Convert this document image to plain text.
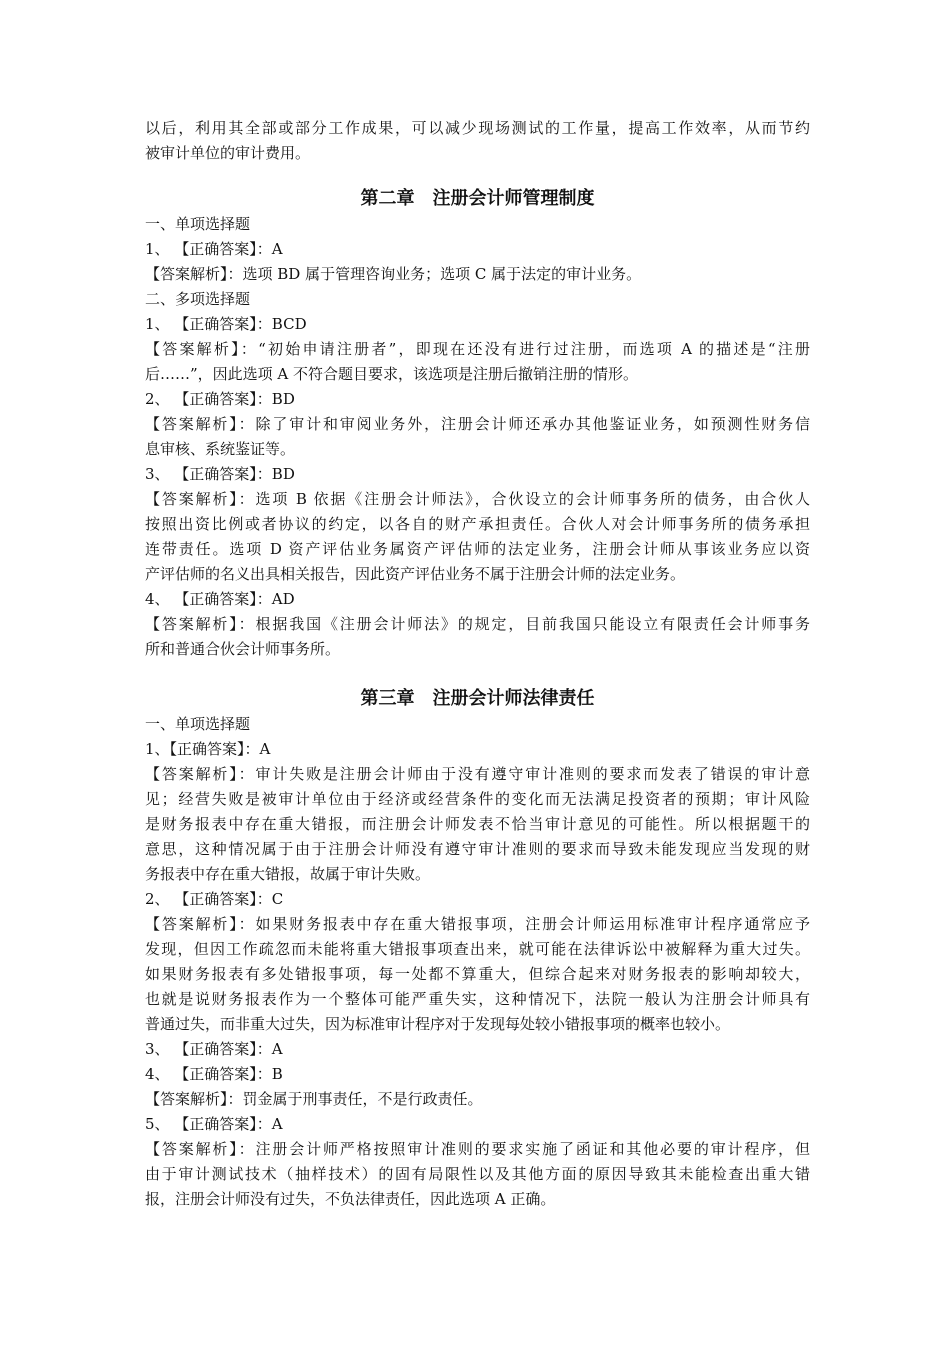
以后，利用其全部或部分工作成果，可以减少现场测试的工作量，提高工作效率，从而节约
被审计单位的审计费用。
第二章　注册会计师管理制度
一、单项选择题
1、 【正确答案】：A
【答案解析】：选项 BD 属于管理咨询业务；选项 C 属于法定的审计业务。
二、多项选择题
1、 【正确答案】：BCD
【答案解析】：“初始申请注册者”，即现在还没有进行过注册，而选项 A 的描述是“注册
后……”，因此选项 A 不符合题目要求，该选项是注册后撤销注册的情形。
2、 【正确答案】：BD
【答案解析】：除了审计和审阅业务外，注册会计师还承办其他鉴证业务，如预测性财务信
息审核、系统鉴证等。
3、 【正确答案】：BD
【答案解析】：选项 B 依据《注册会计师法》，合伙设立的会计师事务所的债务，由合伙人
按照出资比例或者协议的约定，以各自的财产承担责任。合伙人对会计师事务所的债务承担
连带责任。选项 D 资产评估业务属资产评估师的法定业务，注册会计师从事该业务应以资
产评估师的名义出具相关报告，因此资产评估业务不属于注册会计师的法定业务。
4、 【正确答案】：AD
【答案解析】：根据我国《注册会计师法》的规定，目前我国只能设立有限责任会计师事务
所和普通合伙会计师事务所。
第三章　注册会计师法律责任
一、单项选择题
1、【正确答案】：A
【答案解析】：审计失败是注册会计师由于没有遵守审计准则的要求而发表了错误的审计意
见；经营失败是被审计单位由于经济或经营条件的变化而无法满足投资者的预期；审计风险
是财务报表中存在重大错报，而注册会计师发表不恰当审计意见的可能性。所以根据题干的
意思，这种情况属于由于注册会计师没有遵守审计准则的要求而导致未能发现应当发现的财
务报表中存在重大错报，故属于审计失败。
2、 【正确答案】：C
【答案解析】：如果财务报表中存在重大错报事项，注册会计师运用标准审计程序通常应予
发现，但因工作疏忽而未能将重大错报事项查出来，就可能在法律诉讼中被解释为重大过失。
如果财务报表有多处错报事项，每一处都不算重大，但综合起来对财务报表的影响却较大，
也就是说财务报表作为一个整体可能严重失实，这种情况下，法院一般认为注册会计师具有
普通过失，而非重大过失，因为标准审计程序对于发现每处较小错报事项的概率也较小。
3、 【正确答案】：A
4、 【正确答案】：B
【答案解析】：罚金属于刑事责任，不是行政责任。
5、 【正确答案】：A
【答案解析】：注册会计师严格按照审计准则的要求实施了函证和其他必要的审计程序，但
由于审计测试技术（抽样技术）的固有局限性以及其他方面的原因导致其未能检查出重大错
报，注册会计师没有过失，不负法律责任，因此选项 A 正确。
